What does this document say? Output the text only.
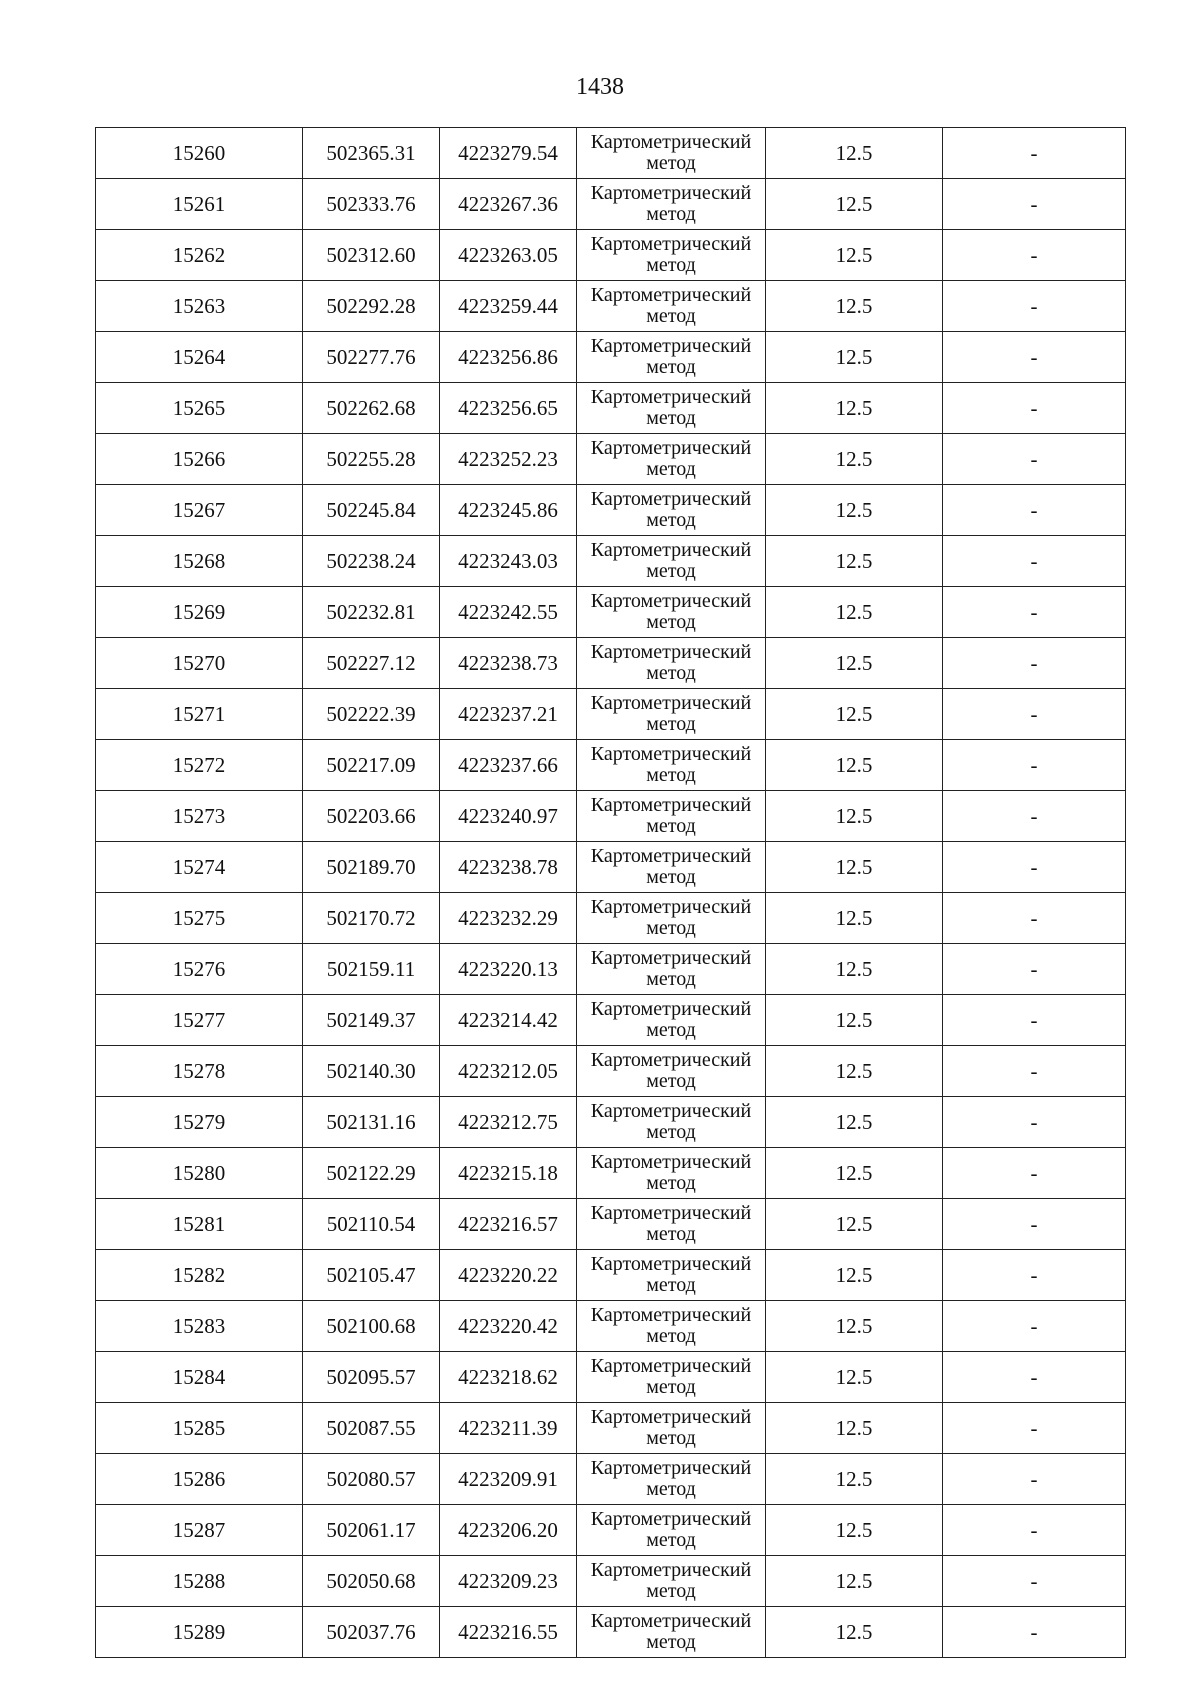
1438
15260	502365.31	4223279.54	Картометрический
метод	12.5	-
15261	502333.76	4223267.36	Картометрический
метод	12.5	-
15262	502312.60	4223263.05	Картометрический
метод	12.5	-
15263	502292.28	4223259.44	Картометрический
метод	12.5	-
15264	502277.76	4223256.86	Картометрический
метод	12.5	-
15265	502262.68	4223256.65	Картометрический
метод	12.5	-
15266	502255.28	4223252.23	Картометрический
метод	12.5	-
15267	502245.84	4223245.86	Картометрический
метод	12.5	-
15268	502238.24	4223243.03	Картометрический
метод	12.5	-
15269	502232.81	4223242.55	Картометрический
метод	12.5	-
15270	502227.12	4223238.73	Картометрический
метод	12.5	-
15271	502222.39	4223237.21	Картометрический
метод	12.5	-
15272	502217.09	4223237.66	Картометрический
метод	12.5	-
15273	502203.66	4223240.97	Картометрический
метод	12.5	-
15274	502189.70	4223238.78	Картометрический
метод	12.5	-
15275	502170.72	4223232.29	Картометрический
метод	12.5	-
15276	502159.11	4223220.13	Картометрический
метод	12.5	-
15277	502149.37	4223214.42	Картометрический
метод	12.5	-
15278	502140.30	4223212.05	Картометрический
метод	12.5	-
15279	502131.16	4223212.75	Картометрический
метод	12.5	-
15280	502122.29	4223215.18	Картометрический
метод	12.5	-
15281	502110.54	4223216.57	Картометрический
метод	12.5	-
15282	502105.47	4223220.22	Картометрический
метод	12.5	-
15283	502100.68	4223220.42	Картометрический
метод	12.5	-
15284	502095.57	4223218.62	Картометрический
метод	12.5	-
15285	502087.55	4223211.39	Картометрический
метод	12.5	-
15286	502080.57	4223209.91	Картометрический
метод	12.5	-
15287	502061.17	4223206.20	Картометрический
метод	12.5	-
15288	502050.68	4223209.23	Картометрический
метод	12.5	-
15289	502037.76	4223216.55	Картометрический
метод	12.5	-
